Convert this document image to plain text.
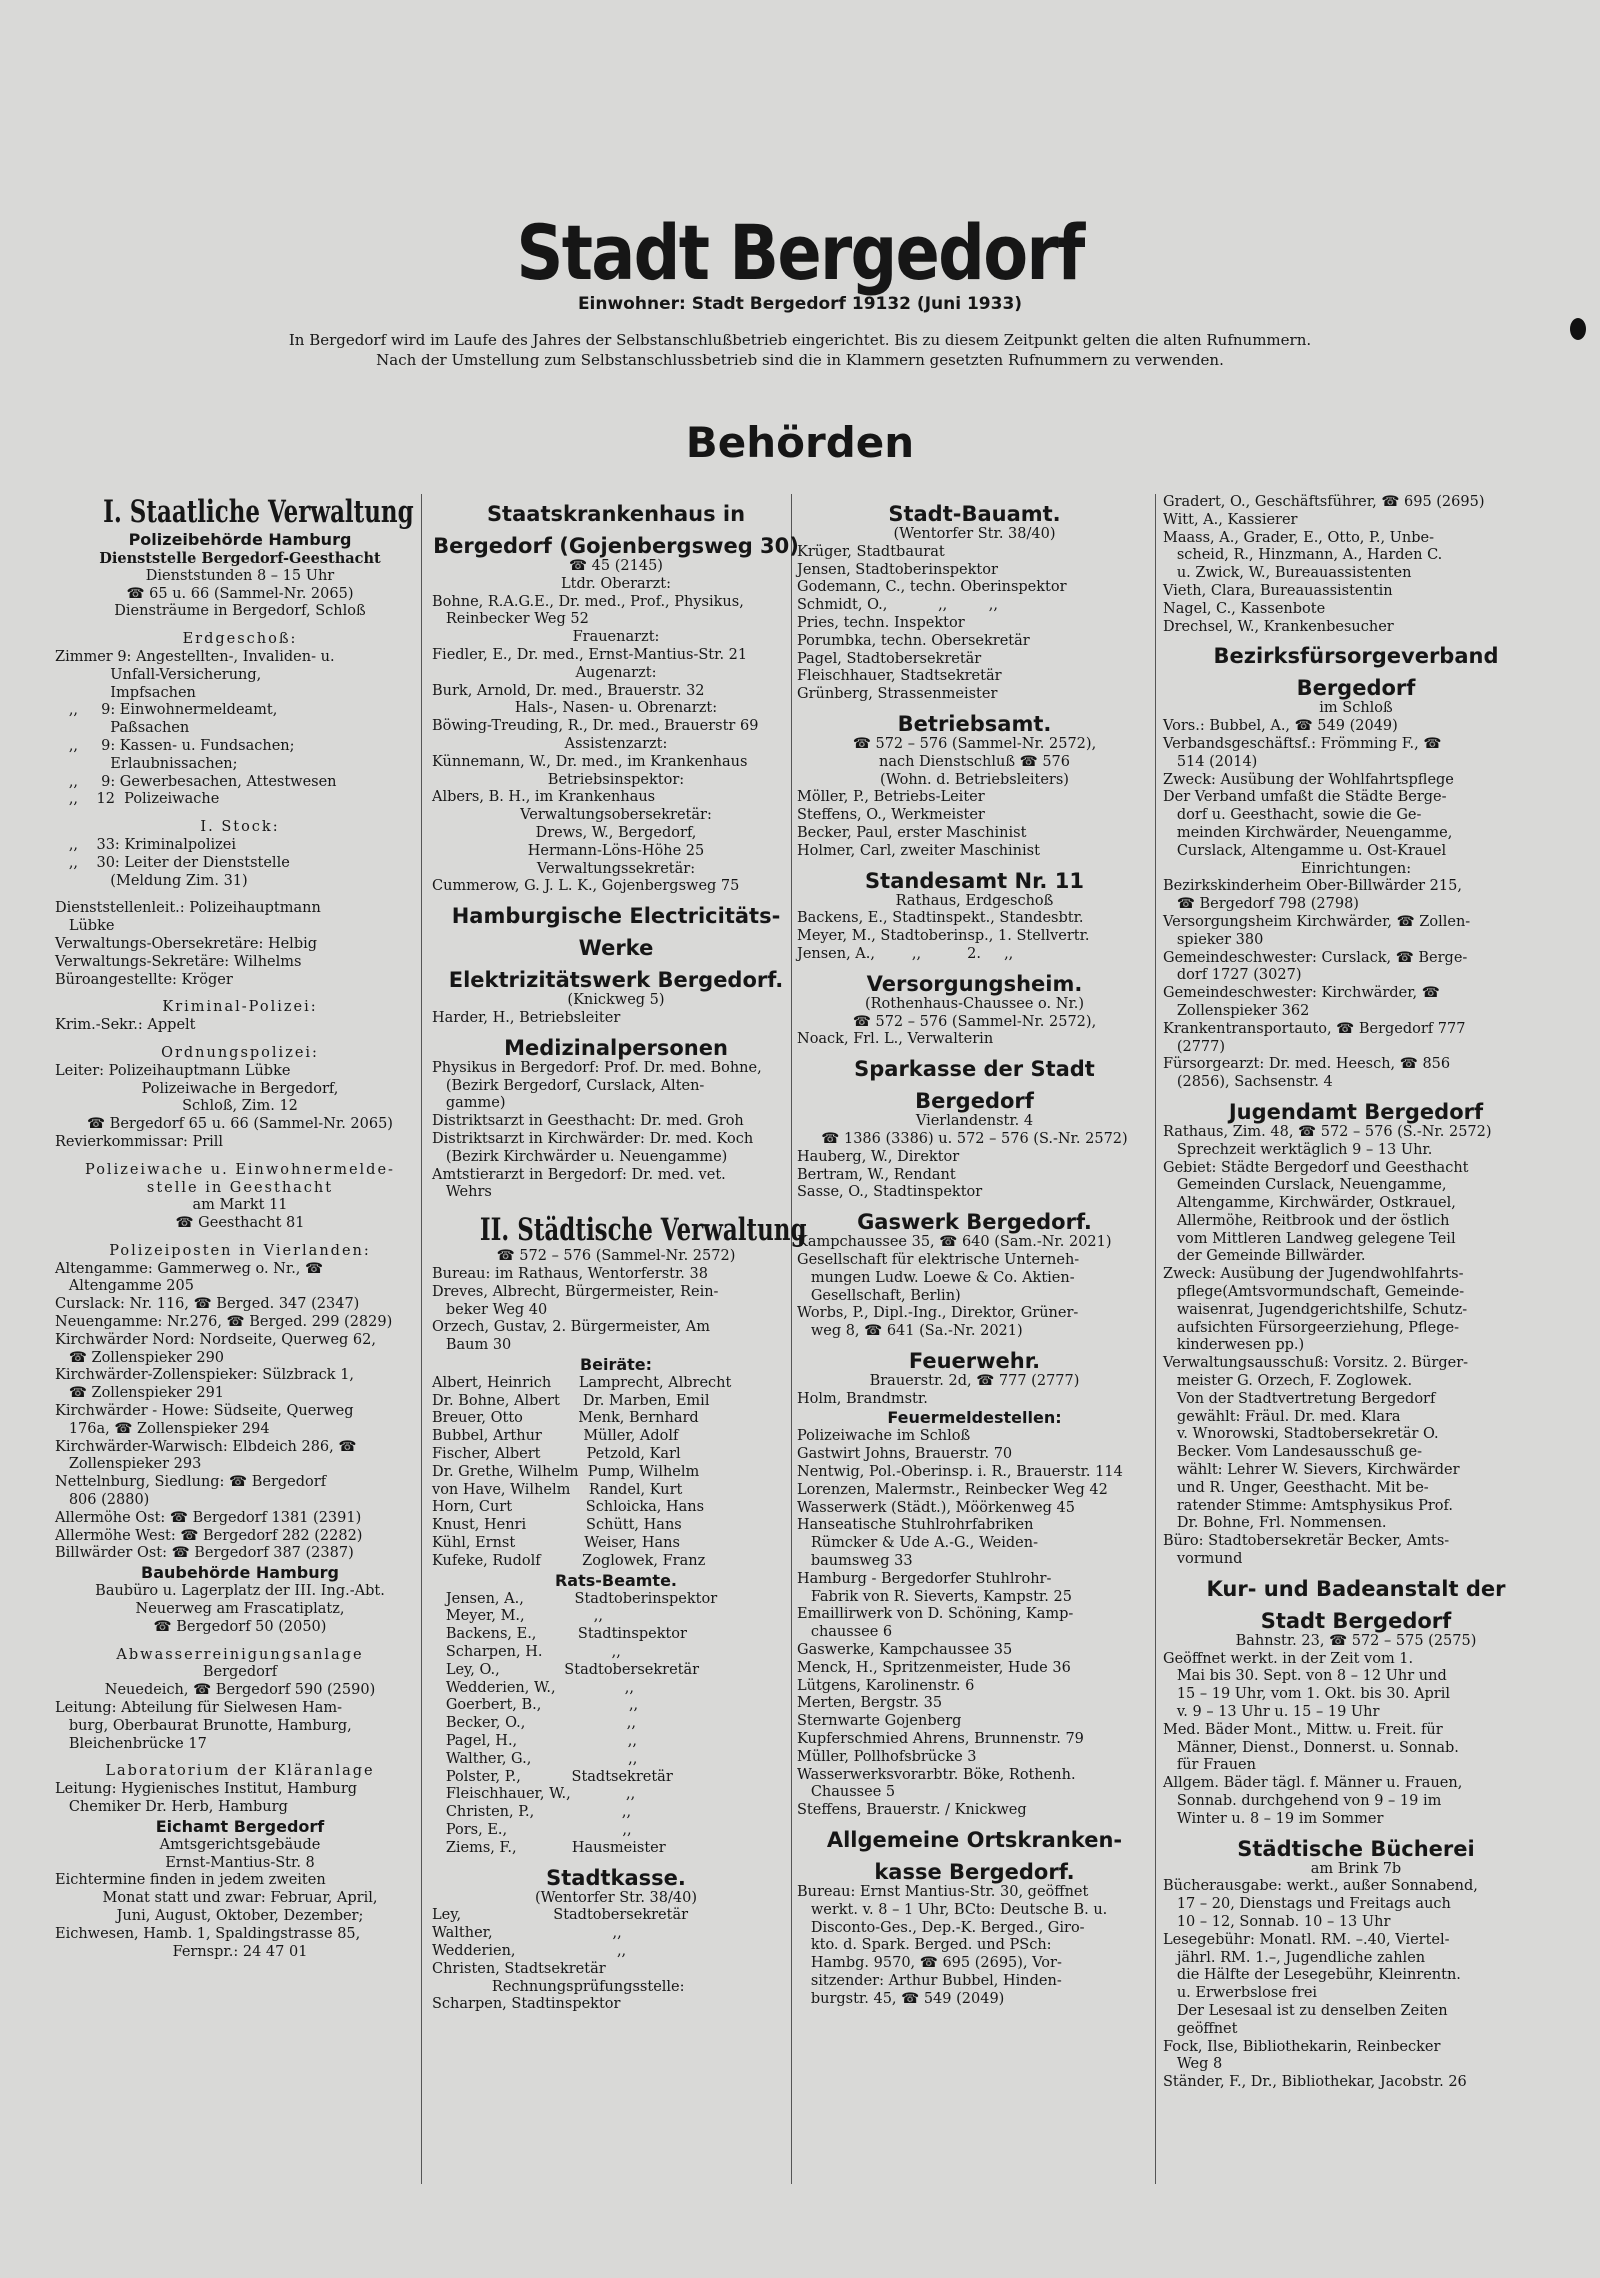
Stadt Bergedorf
Einwohner: Stadt Bergedorf 19132 (Juni 1933)
In Bergedorf wird im Laufe des Jahres der Selbstanschlußbetrieb eingerichtet. Bis zu diesem Zeitpunkt gelten die alten Rufnummern.
Nach der Umstellung zum Selbstanschlussbetrieb sind die in Klammern gesetzten Rufnummern zu verwenden.
Behörden
I. Staatliche Verwaltung
Polizeibehörde Hamburg
Dienststelle Bergedorf-Geesthacht
Dienststunden 8 – 15 Uhr
☎ 65 u. 66 (Sammel-Nr. 2065)
Diensträume in Bergedorf, Schloß
Erdgeschoß:
Zimmer 9: Angestellten-, Invaliden- u.
Unfall-Versicherung,
Impfsachen
,,     9: Einwohnermeldeamt,
Paßsachen
,,     9: Kassen- u. Fundsachen;
Erlaubnissachen;
,,     9: Gewerbesachen, Attestwesen
,,    12  Polizeiwache
I. Stock:
,,    33: Kriminalpolizei
,,    30: Leiter der Dienststelle
(Meldung Zim. 31)
Dienststellenleit.: Polizeihauptmann
Lübke
Verwaltungs-Obersekretäre: Helbig
Verwaltungs-Sekretäre: Wilhelms
Büroangestellte: Kröger
Kriminal-Polizei:
Krim.-Sekr.: Appelt
Ordnungspolizei:
Leiter: Polizeihauptmann Lübke
Polizeiwache in Bergedorf,
Schloß, Zim. 12
☎ Bergedorf 65 u. 66 (Sammel-Nr. 2065)
Revierkommissar: Prill
Polizeiwache u. Einwohnermelde-
stelle in Geesthacht
am Markt 11
☎ Geesthacht 81
Polizeiposten in Vierlanden:
Altengamme: Gammerweg o. Nr., ☎
Altengamme 205
Curslack: Nr. 116, ☎ Berged. 347 (2347)
Neuengamme: Nr.276, ☎ Berged. 299 (2829)
Kirchwärder Nord: Nordseite, Querweg 62,
☎ Zollenspieker 290
Kirchwärder-Zollenspieker: Sülzbrack 1,
☎ Zollenspieker 291
Kirchwärder - Howe: Südseite, Querweg
176a, ☎ Zollenspieker 294
Kirchwärder-Warwisch: Elbdeich 286, ☎
Zollenspieker 293
Nettelnburg, Siedlung: ☎ Bergedorf
806 (2880)
Allermöhe Ost: ☎ Bergedorf 1381 (2391)
Allermöhe West: ☎ Bergedorf 282 (2282)
Billwärder Ost: ☎ Bergedorf 387 (2387)
Baubehörde Hamburg
Baubüro u. Lagerplatz der III. Ing.-Abt.
Neuerweg am Frascatiplatz,
☎ Bergedorf 50 (2050)
Abwasserreinigungsanlage
Bergedorf
Neuedeich, ☎ Bergedorf 590 (2590)
Leitung: Abteilung für Sielwesen Ham-
burg, Oberbaurat Brunotte, Hamburg,
Bleichenbrücke 17
Laboratorium der Kläranlage
Leitung: Hygienisches Institut, Hamburg
Chemiker Dr. Herb, Hamburg
Eichamt Bergedorf
Amtsgerichtsgebäude
Ernst-Mantius-Str. 8
Eichtermine finden in jedem zweiten
Monat statt und zwar: Februar, April,
Juni, August, Oktober, Dezember;
Eichwesen, Hamb. 1, Spaldingstrasse 85,
Fernspr.: 24 47 01
Staatskrankenhaus in
Bergedorf (Gojenbergsweg 30)
☎ 45 (2145)
Ltdr. Oberarzt:
Bohne, R.A.G.E., Dr. med., Prof., Physikus,
Reinbecker Weg 52
Frauenarzt:
Fiedler, E., Dr. med., Ernst-Mantius-Str. 21
Augenarzt:
Burk, Arnold, Dr. med., Brauerstr. 32
Hals-, Nasen- u. Obrenarzt:
Böwing-Treuding, R., Dr. med., Brauerstr 69
Assistenzarzt:
Künnemann, W., Dr. med., im Krankenhaus
Betriebsinspektor:
Albers, B. H., im Krankenhaus
Verwaltungsobersekretär:
Drews, W., Bergedorf,
Hermann-Löns-Höhe 25
Verwaltungssekretär:
Cummerow, G. J. L. K., Gojenbergsweg 75
Hamburgische Electricitäts-
Werke
Elektrizitätswerk Bergedorf.
(Knickweg 5)
Harder, H., Betriebsleiter
Medizinalpersonen
Physikus in Bergedorf: Prof. Dr. med. Bohne,
(Bezirk Bergedorf, Curslack, Alten-
gamme)
Distriktsarzt in Geesthacht: Dr. med. Groh
Distriktsarzt in Kirchwärder: Dr. med. Koch
(Bezirk Kirchwärder u. Neuengamme)
Amtstierarzt in Bergedorf: Dr. med. vet.
Wehrs
II. Städtische Verwaltung
☎ 572 – 576 (Sammel-Nr. 2572)
Bureau: im Rathaus, Wentorferstr. 38
Dreves, Albrecht, Bürgermeister, Rein-
beker Weg 40
Orzech, Gustav, 2. Bürgermeister, Am
Baum 30
Beiräte:
Albert, Heinrich      Lamprecht, Albrecht
Dr. Bohne, Albert     Dr. Marben, Emil
Breuer, Otto            Menk, Bernhard
Bubbel, Arthur         Müller, Adolf
Fischer, Albert          Petzold, Karl
Dr. Grethe, Wilhelm  Pump, Wilhelm
von Have, Wilhelm    Randel, Kurt
Horn, Curt                Schloicka, Hans
Knust, Henri             Schütt, Hans
Kühl, Ernst               Weiser, Hans
Kufeke, Rudolf         Zoglowek, Franz
Rats-Beamte.
Jensen, A.,           Stadtoberinspektor
Meyer, M.,               ,,
Backens, E.,         Stadtinspektor
Scharpen, H.               ,,
Ley, O.,              Stadtobersekretär
Wedderien, W.,               ,,
Goerbert, B.,                   ,,
Becker, O.,                      ,,
Pagel, H.,                        ,,
Walther, G.,                     ,,
Polster, P.,           Stadtsekretär
Fleischhauer, W.,            ,,
Christen, P.,                   ,,
Pors, E.,                         ,,
Ziems, F.,            Hausmeister
Stadtkasse.
(Wentorfer Str. 38/40)
Ley,                    Stadtobersekretär
Walther,                          ,,
Wedderien,                      ,,
Christen, Stadtsekretär
Rechnungsprüfungsstelle:
Scharpen, Stadtinspektor
Stadt-Bauamt.
(Wentorfer Str. 38/40)
Krüger, Stadtbaurat
Jensen, Stadtoberinspektor
Godemann, C., techn. Oberinspektor
Schmidt, O.,           ,,         ,,
Pries, techn. Inspektor
Porumbka, techn. Obersekretär
Pagel, Stadtobersekretär
Fleischhauer, Stadtsekretär
Grünberg, Strassenmeister
Betriebsamt.
☎ 572 – 576 (Sammel-Nr. 2572),
nach Dienstschluß ☎ 576
(Wohn. d. Betriebsleiters)
Möller, P., Betriebs-Leiter
Steffens, O., Werkmeister
Becker, Paul, erster Maschinist
Holmer, Carl, zweiter Maschinist
Standesamt Nr. 11
Rathaus, Erdgeschoß
Backens, E., Stadtinspekt., Standesbtr.
Meyer, M., Stadtoberinsp., 1. Stellvertr.
Jensen, A.,        ,,          2.     ,,
Versorgungsheim.
(Rothenhaus-Chaussee o. Nr.)
☎ 572 – 576 (Sammel-Nr. 2572),
Noack, Frl. L., Verwalterin
Sparkasse der Stadt
Bergedorf
Vierlandenstr. 4
☎ 1386 (3386) u. 572 – 576 (S.-Nr. 2572)
Hauberg, W., Direktor
Bertram, W., Rendant
Sasse, O., Stadtinspektor
Gaswerk Bergedorf.
Kampchaussee 35, ☎ 640 (Sam.-Nr. 2021)
Gesellschaft für elektrische Unterneh-
mungen Ludw. Loewe & Co. Aktien-
Gesellschaft, Berlin)
Worbs, P., Dipl.-Ing., Direktor, Grüner-
weg 8, ☎ 641 (Sa.-Nr. 2021)
Feuerwehr.
Brauerstr. 2d, ☎ 777 (2777)
Holm, Brandmstr.
Feuermeldestellen:
Polizeiwache im Schloß
Gastwirt Johns, Brauerstr. 70
Nentwig, Pol.-Oberinsp. i. R., Brauerstr. 114
Lorenzen, Malermstr., Reinbecker Weg 42
Wasserwerk (Städt.), Möörkenweg 45
Hanseatische Stuhlrohrfabriken
Rümcker & Ude A.-G., Weiden-
baumsweg 33
Hamburg - Bergedorfer Stuhlrohr-
Fabrik von R. Sieverts, Kampstr. 25
Emaillirwerk von D. Schöning, Kamp-
chaussee 6
Gaswerke, Kampchaussee 35
Menck, H., Spritzenmeister, Hude 36
Lütgens, Karolinenstr. 6
Merten, Bergstr. 35
Sternwarte Gojenberg
Kupferschmied Ahrens, Brunnenstr. 79
Müller, Pollhofsbrücke 3
Wasserwerksvorarbtr. Böke, Rothenh.
Chaussee 5
Steffens, Brauerstr. / Knickweg
Allgemeine Ortskranken-
kasse Bergedorf.
Bureau: Ernst Mantius-Str. 30, geöffnet
werkt. v. 8 – 1 Uhr, BCto: Deutsche B. u.
Disconto-Ges., Dep.-K. Berged., Giro-
kto. d. Spark. Berged. und PSch:
Hambg. 9570, ☎ 695 (2695), Vor-
sitzender: Arthur Bubbel, Hinden-
burgstr. 45, ☎ 549 (2049)
Gradert, O., Geschäftsführer, ☎ 695 (2695)
Witt, A., Kassierer
Maass, A., Grader, E., Otto, P., Unbe-
scheid, R., Hinzmann, A., Harden C.
u. Zwick, W., Bureauassistenten
Vieth, Clara, Bureauassistentin
Nagel, C., Kassenbote
Drechsel, W., Krankenbesucher
Bezirksfürsorgeverband
Bergedorf
im Schloß
Vors.: Bubbel, A., ☎ 549 (2049)
Verbandsgeschäftsf.: Frömming F., ☎
514 (2014)
Zweck: Ausübung der Wohlfahrtspflege
Der Verband umfaßt die Städte Berge-
dorf u. Geesthacht, sowie die Ge-
meinden Kirchwärder, Neuengamme,
Curslack, Altengamme u. Ost-Krauel
Einrichtungen:
Bezirkskinderheim Ober-Billwärder 215,
☎ Bergedorf 798 (2798)
Versorgungsheim Kirchwärder, ☎ Zollen-
spieker 380
Gemeindeschwester: Curslack, ☎ Berge-
dorf 1727 (3027)
Gemeindeschwester: Kirchwärder, ☎
Zollenspieker 362
Krankentransportauto, ☎ Bergedorf 777
(2777)
Fürsorgearzt: Dr. med. Heesch, ☎ 856
(2856), Sachsenstr. 4
Jugendamt Bergedorf
Rathaus, Zim. 48, ☎ 572 – 576 (S.-Nr. 2572)
Sprechzeit werktäglich 9 – 13 Uhr.
Gebiet: Städte Bergedorf und Geesthacht
Gemeinden Curslack, Neuengamme,
Altengamme, Kirchwärder, Ostkrauel,
Allermöhe, Reitbrook und der östlich
vom Mittleren Landweg gelegene Teil
der Gemeinde Billwärder.
Zweck: Ausübung der Jugendwohlfahrts-
pflege(Amtsvormundschaft, Gemeinde-
waisenrat, Jugendgerichtshilfe, Schutz-
aufsichten Fürsorgeerziehung, Pflege-
kinderwesen pp.)
Verwaltungsausschuß: Vorsitz. 2. Bürger-
meister G. Orzech, F. Zoglowek.
Von der Stadtvertretung Bergedorf
gewählt: Fräul. Dr. med. Klara
v. Wnorowski, Stadtobersekretär O.
Becker. Vom Landesausschuß ge-
wählt: Lehrer W. Sievers, Kirchwärder
und R. Unger, Geesthacht. Mit be-
ratender Stimme: Amtsphysikus Prof.
Dr. Bohne, Frl. Nommensen.
Büro: Stadtobersekretär Becker, Amts-
vormund
Kur- und Badeanstalt der
Stadt Bergedorf
Bahnstr. 23, ☎ 572 – 575 (2575)
Geöffnet werkt. in der Zeit vom 1.
Mai bis 30. Sept. von 8 – 12 Uhr und
15 – 19 Uhr, vom 1. Okt. bis 30. April
v. 9 – 13 Uhr u. 15 – 19 Uhr
Med. Bäder Mont., Mittw. u. Freit. für
Männer, Dienst., Donnerst. u. Sonnab.
für Frauen
Allgem. Bäder tägl. f. Männer u. Frauen,
Sonnab. durchgehend von 9 – 19 im
Winter u. 8 – 19 im Sommer
Städtische Bücherei
am Brink 7b
Bücherausgabe: werkt., außer Sonnabend,
17 – 20, Dienstags und Freitags auch
10 – 12, Sonnab. 10 – 13 Uhr
Lesegebühr: Monatl. RM. –.40, Viertel-
jährl. RM. 1.–, Jugendliche zahlen
die Hälfte der Lesegebühr, Kleinrentn.
u. Erwerbslose frei
Der Lesesaal ist zu denselben Zeiten
geöffnet
Fock, Ilse, Bibliothekarin, Reinbecker
Weg 8
Ständer, F., Dr., Bibliothekar, Jacobstr. 26
